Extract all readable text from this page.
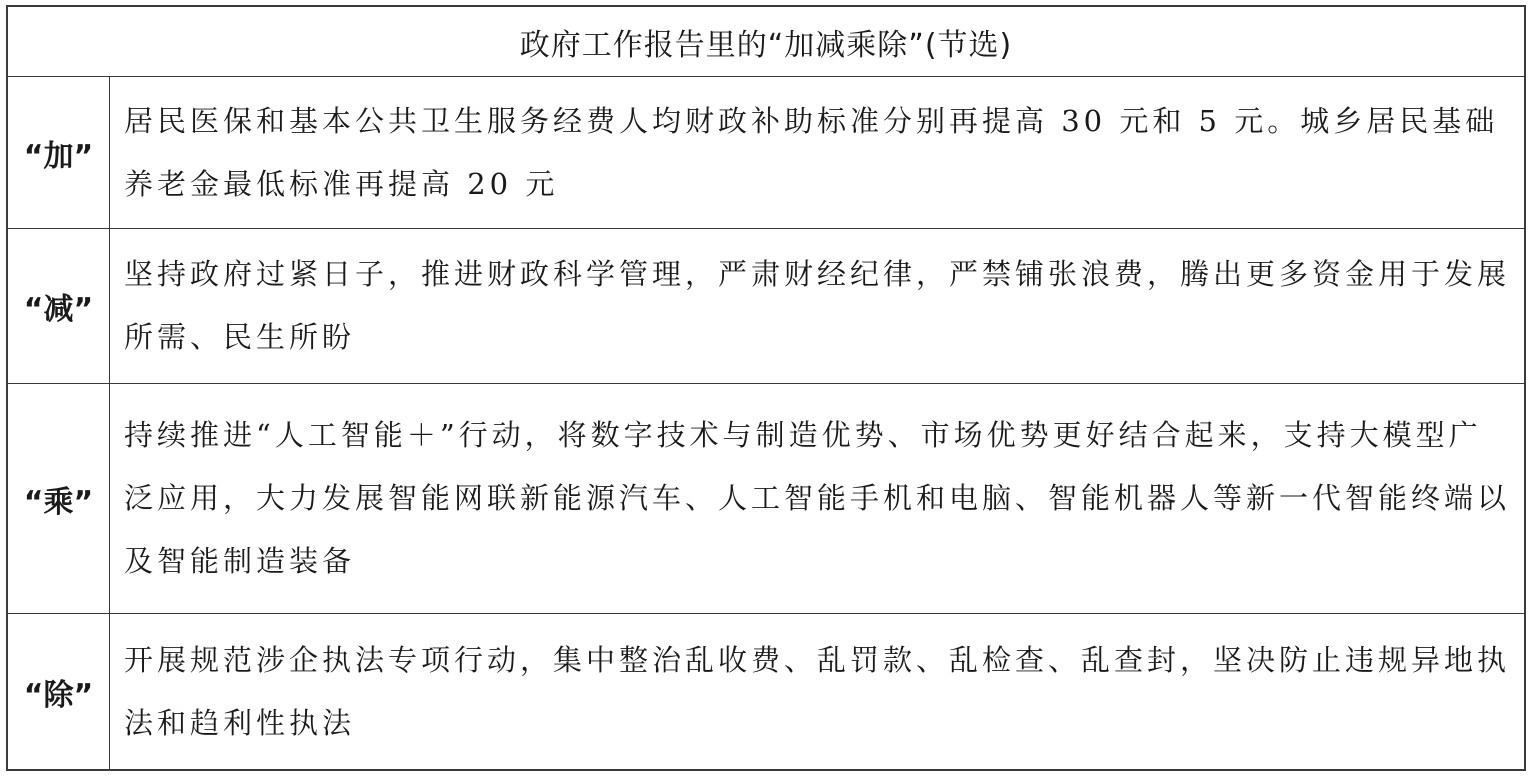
政府工作报告里的“加减乘除”(节选)
“加”
居民医保和基本公共卫生服务经费人均财政补助标准分别再提高 30 元和 5 元。城乡居民基础养老金最低标准再提高 20 元
“减”
坚持政府过紧日子，推进财政科学管理，严肃财经纪律，严禁铺张浪费，腾出更多资金用于发展所需、民生所盼
“乘”
持续推进“人工智能＋”行动，将数字技术与制造优势、市场优势更好结合起来，支持大模型广泛应用，大力发展智能网联新能源汽车、人工智能手机和电脑、智能机器人等新一代智能终端以及智能制造装备
“除”
开展规范涉企执法专项行动，集中整治乱收费、乱罚款、乱检查、乱查封，坚决防止违规异地执法和趋利性执法
